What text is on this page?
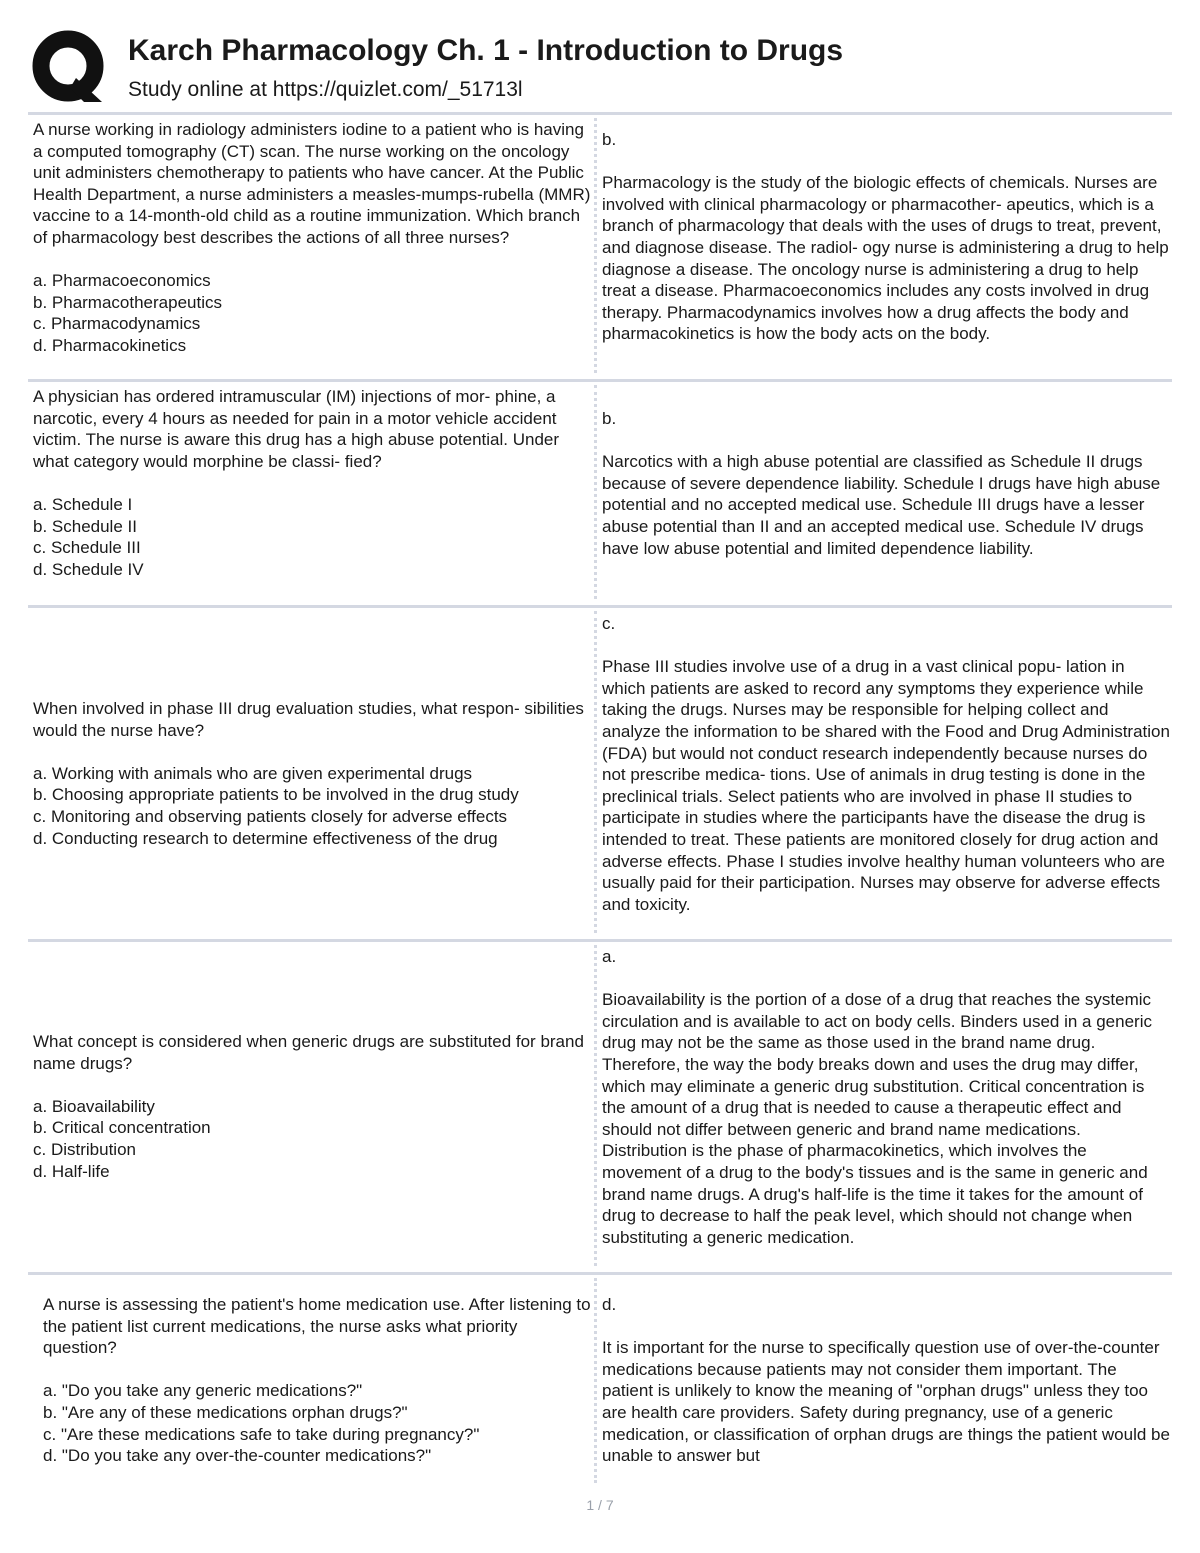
Karch Pharmacology Ch. 1 - Introduction to Drugs
Study online at https://quizlet.com/_51713l
A nurse working in radiology administers iodine to a patient who is having a computed tomography (CT) scan. The nurse working on the oncology unit administers chemotherapy to patients who have cancer. At the Public Health Department, a nurse administers a measles-mumps-rubella (MMR) vaccine to a 14-month-old child as a routine immunization. Which branch of pharmacology best describes the actions of all three nurses?

a. Pharmacoeconomics
b. Pharmacotherapeutics
c. Pharmacodynamics
d. Pharmacokinetics
b.

Pharmacology is the study of the biologic effects of chemicals. Nurses are involved with clinical pharmacology or pharmacother- apeutics, which is a branch of pharmacology that deals with the uses of drugs to treat, prevent, and diagnose disease. The radiol- ogy nurse is administering a drug to help diagnose a disease. The oncology nurse is administering a drug to help treat a disease. Pharmacoeconomics includes any costs involved in drug therapy. Pharmacodynamics involves how a drug affects the body and pharmacokinetics is how the body acts on the body.
A physician has ordered intramuscular (IM) injections of mor- phine, a narcotic, every 4 hours as needed for pain in a motor vehicle accident victim. The nurse is aware this drug has a high abuse potential. Under what category would morphine be classi- fied?

a. Schedule I
b. Schedule II
c. Schedule III
d. Schedule IV
b.

Narcotics with a high abuse potential are classified as Schedule II drugs because of severe dependence liability. Schedule I drugs have high abuse potential and no accepted medical use. Schedule III drugs have a lesser abuse potential than II and an accepted medical use. Schedule IV drugs have low abuse potential and limited dependence liability.
When involved in phase III drug evaluation studies, what respon- sibilities would the nurse have?

a. Working with animals who are given experimental drugs
b. Choosing appropriate patients to be involved in the drug study
c. Monitoring and observing patients closely for adverse effects
d. Conducting research to determine effectiveness of the drug
c.

Phase III studies involve use of a drug in a vast clinical popu- lation in which patients are asked to record any symptoms they experience while taking the drugs. Nurses may be responsible for helping collect and analyze the information to be shared with the Food and Drug Administration (FDA) but would not conduct research independently because nurses do not prescribe medica- tions. Use of animals in drug testing is done in the preclinical trials. Select patients who are involved in phase II studies to participate in studies where the participants have the disease the drug is intended to treat. These patients are monitored closely for drug action and adverse effects. Phase I studies involve healthy human volunteers who are usually paid for their participation. Nurses may observe for adverse effects and toxicity.
What concept is considered when generic drugs are substituted for brand name drugs?

a. Bioavailability
b. Critical concentration
c. Distribution
d. Half-life
a.

Bioavailability is the portion of a dose of a drug that reaches the systemic circulation and is available to act on body cells. Binders used in a generic drug may not be the same as those used in the brand name drug. Therefore, the way the body breaks down and uses the drug may differ, which may eliminate a generic drug substitution. Critical concentration is the amount of a drug that is needed to cause a therapeutic effect and should not differ between generic and brand name medications. Distribution is the phase of pharmacokinetics, which involves the movement of a drug to the body's tissues and is the same in generic and brand name drugs. A drug's half-life is the time it takes for the amount of drug to decrease to half the peak level, which should not change when substituting a generic medication.
A nurse is assessing the patient's home medication use. After listening to the patient list current medications, the nurse asks what priority question?

a. "Do you take any generic medications?"
b. "Are any of these medications orphan drugs?"
c. "Are these medications safe to take during pregnancy?"
d. "Do you take any over-the-counter medications?"
d.

It is important for the nurse to specifically question use of over-the-counter medications because patients may not consider them important. The patient is unlikely to know the meaning of "orphan drugs" unless they too are health care providers. Safety during pregnancy, use of a generic medication, or classification of orphan drugs are things the patient would be unable to answer but
1 / 7
